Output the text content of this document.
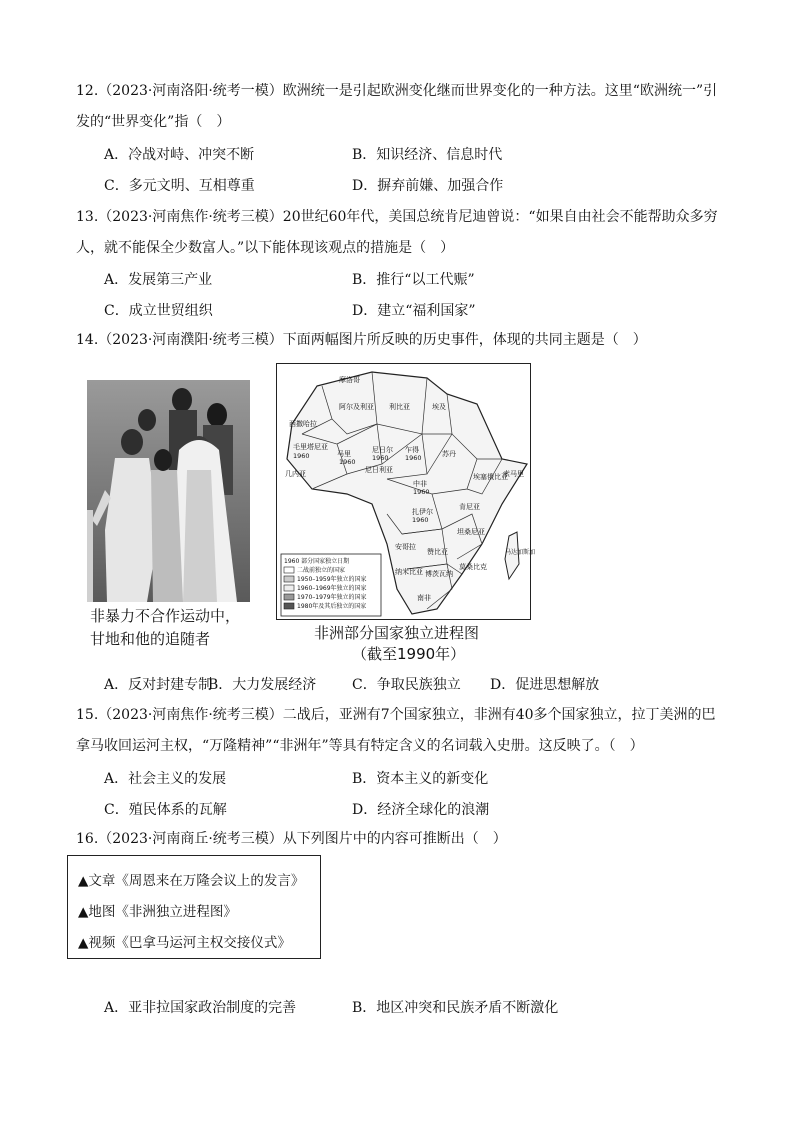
12.（2023·河南洛阳·统考一模）欧洲统一是引起欧洲变化继而世界变化的一种方法。这里“欧洲统一”引发的“世界变化”指（　）

A．冷战对峙、冲突不断	B．知识经济、信息时代
C．多元文明、互相尊重	D．摒弃前嫌、加强合作

13.（2023·河南焦作·统考三模）20世纪60年代，美国总统肯尼迪曾说：“如果自由社会不能帮助众多穷人，就不能保全少数富人。”以下能体现该观点的措施是（　）

A．发展第三产业	B．推行“以工代赈”
C．成立世贸组织	D．建立“福利国家”

14.（2023·河南濮阳·统考三模）下面两幅图片所反映的历史事件，体现的共同主题是（　）

非暴力不合作运动中，
甘地和他的追随者
摩洛哥
阿尔及利亚 利比亚	埃及
西撒哈拉
毛里塔尼亚
马里	尼日尔 乍得	苏丹
埃塞俄比亚
索马里
尼日利亚
几内亚
中非
扎伊尔
肯尼亚
坦桑尼亚
安哥拉
赞比亚
莫桑比克
纳米比亚 博茨瓦纳
南非
马达加斯加
1960
1960	1960	1960
1960
1960
1960 部分国家独立日期
二战前独立的国家
1950–1959年独立的国家
1960–1969年独立的国家
1970–1979年独立的国家
1980年及其后独立的国家
非洲部分国家独立进程图
（截至1990年）
A．反对封建专制
B．大力发展经济	C．争取民族独立 D．促进思想解放

15.（2023·河南焦作·统考三模）二战后，亚洲有7个国家独立，非洲有40多个国家独立，拉丁美洲的巴拿马收回运河主权，“万隆精神”“非洲年”等具有特定含义的名词载入史册。这反映了。（　）

A．社会主义的发展	B．资本主义的新变化
C．殖民体系的瓦解	D．经济全球化的浪潮

16.（2023·河南商丘·统考三模）从下列图片中的内容可推断出（　）

▲文章《周恩来在万隆会议上的发言》
▲地图《非洲独立进程图》
▲视频《巴拿马运河主权交接仪式》
A．亚非拉国家政治制度的完善	B．地区冲突和民族矛盾不断激化
